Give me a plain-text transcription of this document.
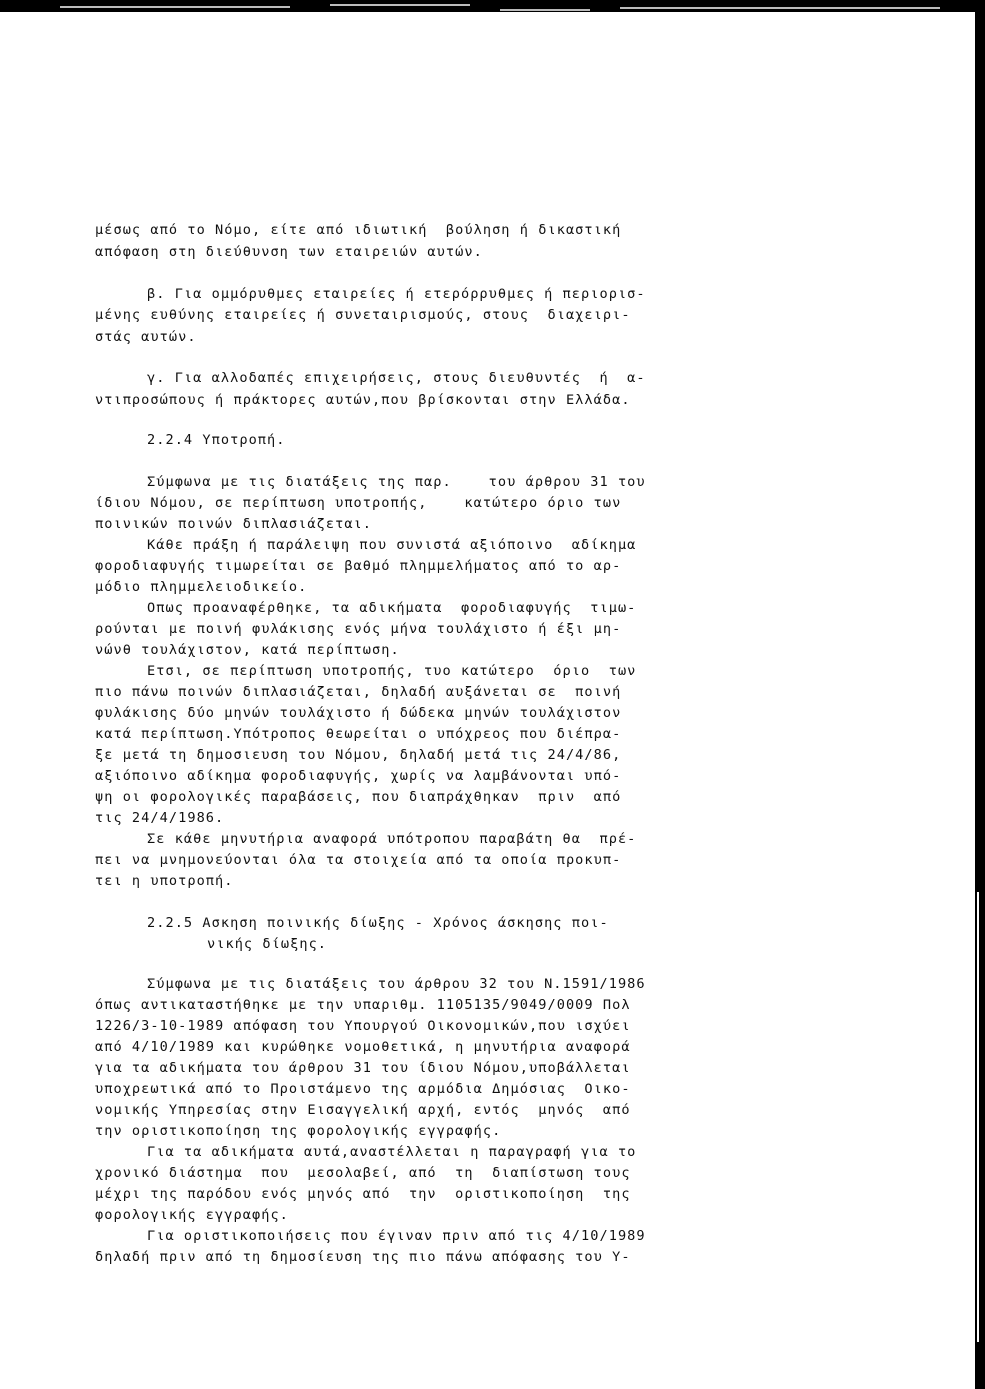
μέσως από το Νόμο, είτε από ιδιωτική  βούληση ή δικαστική
απόφαση στη διεύθυνση των εταιρειών αυτών.
β. Για ομμόρυθμες εταιρείες ή ετερόρρυθμες ή περιορισ-
μένης ευθύνης εταιρείες ή συνεταιρισμούς, στους  διαχειρι-
στάς αυτών.
γ. Για αλλοδαπές επιχειρήσεις, στους διευθυντές  ή  α-
ντιπροσώπους ή πράκτορες αυτών,που βρίσκονται στην Ελλάδα.
2.2.4 Υποτροπή.
Σύμφωνα με τις διατάξεις της παρ.    του άρθρου 31 του
ίδιου Νόμου, σε περίπτωση υποτροπής,    κατώτερο όριο των
ποινικών ποινών διπλασιάζεται.
Κάθε πράξη ή παράλειψη που συνιστά αξιόποινο  αδίκημα
φοροδιαφυγής τιμωρείται σε βαθμό πλημμελήματος από το αρ-
μόδιο πλημμελειοδικείο.
Οπως προαναφέρθηκε, τα αδικήματα  φοροδιαφυγής  τιμω-
ρούνται με ποινή φυλάκισης ενός μήνα τουλάχιστο ή έξι μη-
νώνθ τουλάχιστον, κατά περίπτωση.
Ετσι, σε περίπτωση υποτροπής, τυο κατώτερο  όριο  των
πιο πάνω ποινών διπλασιάζεται, δηλαδή αυξάνεται σε  ποινή
φυλάκισης δύο μηνών τουλάχιστο ή δώδεκα μηνών τουλάχιστον
κατά περίπτωση.Υπότροπος θεωρείται ο υπόχρεος που διέπρα-
ξε μετά τη δημοσιευση του Νόμου, δηλαδή μετά τις 24/4/86,
αξιόποινο αδίκημα φοροδιαφυγής, χωρίς να λαμβάνονται υπό-
ψη οι φορολογικές παραβάσεις, που διαπράχθηκαν  πριν  από
τις 24/4/1986.
Σε κάθε μηνυτήρια αναφορά υπότροπου παραβάτη θα  πρέ-
πει να μνημονεύονται όλα τα στοιχεία από τα οποία προκυπ-
τει η υποτροπή.
2.2.5 Ασκηση ποινικής δίωξης - Χρόνος άσκησης ποι-
νικής δίωξης.
Σύμφωνα με τις διατάξεις του άρθρου 32 του Ν.1591/1986
όπως αντικαταστήθηκε με την υπαριθμ. 1105135/9049/0009 Πολ
1226/3-10-1989 απόφαση του Υπουργού Οικονομικών,που ισχύει
από 4/10/1989 και κυρώθηκε νομοθετικά, η μηνυτήρια αναφορά
για τα αδικήματα του άρθρου 31 του ίδιου Νόμου,υποβάλλεται
υποχρεωτικά από το Προιστάμενο της αρμόδια Δημόσιας  Οικο-
νομικής Υπηρεσίας στην Εισαγγελική αρχή, εντός  μηνός  από
την οριστικοποίηση της φορολογικής εγγραφής.
Για τα αδικήματα αυτά,αναστέλλεται η παραγραφή για το
χρονικό διάστημα  που  μεσολαβεί, από  τη  διαπίστωση τους
μέχρι της παρόδου ενός μηνός από  την  οριστικοποίηση  της
φορολογικής εγγραφής.
Για οριστικοποιήσεις που έγιναν πριν από τις 4/10/1989
δηλαδή πριν από τη δημοσίευση της πιο πάνω απόφασης του Υ-
